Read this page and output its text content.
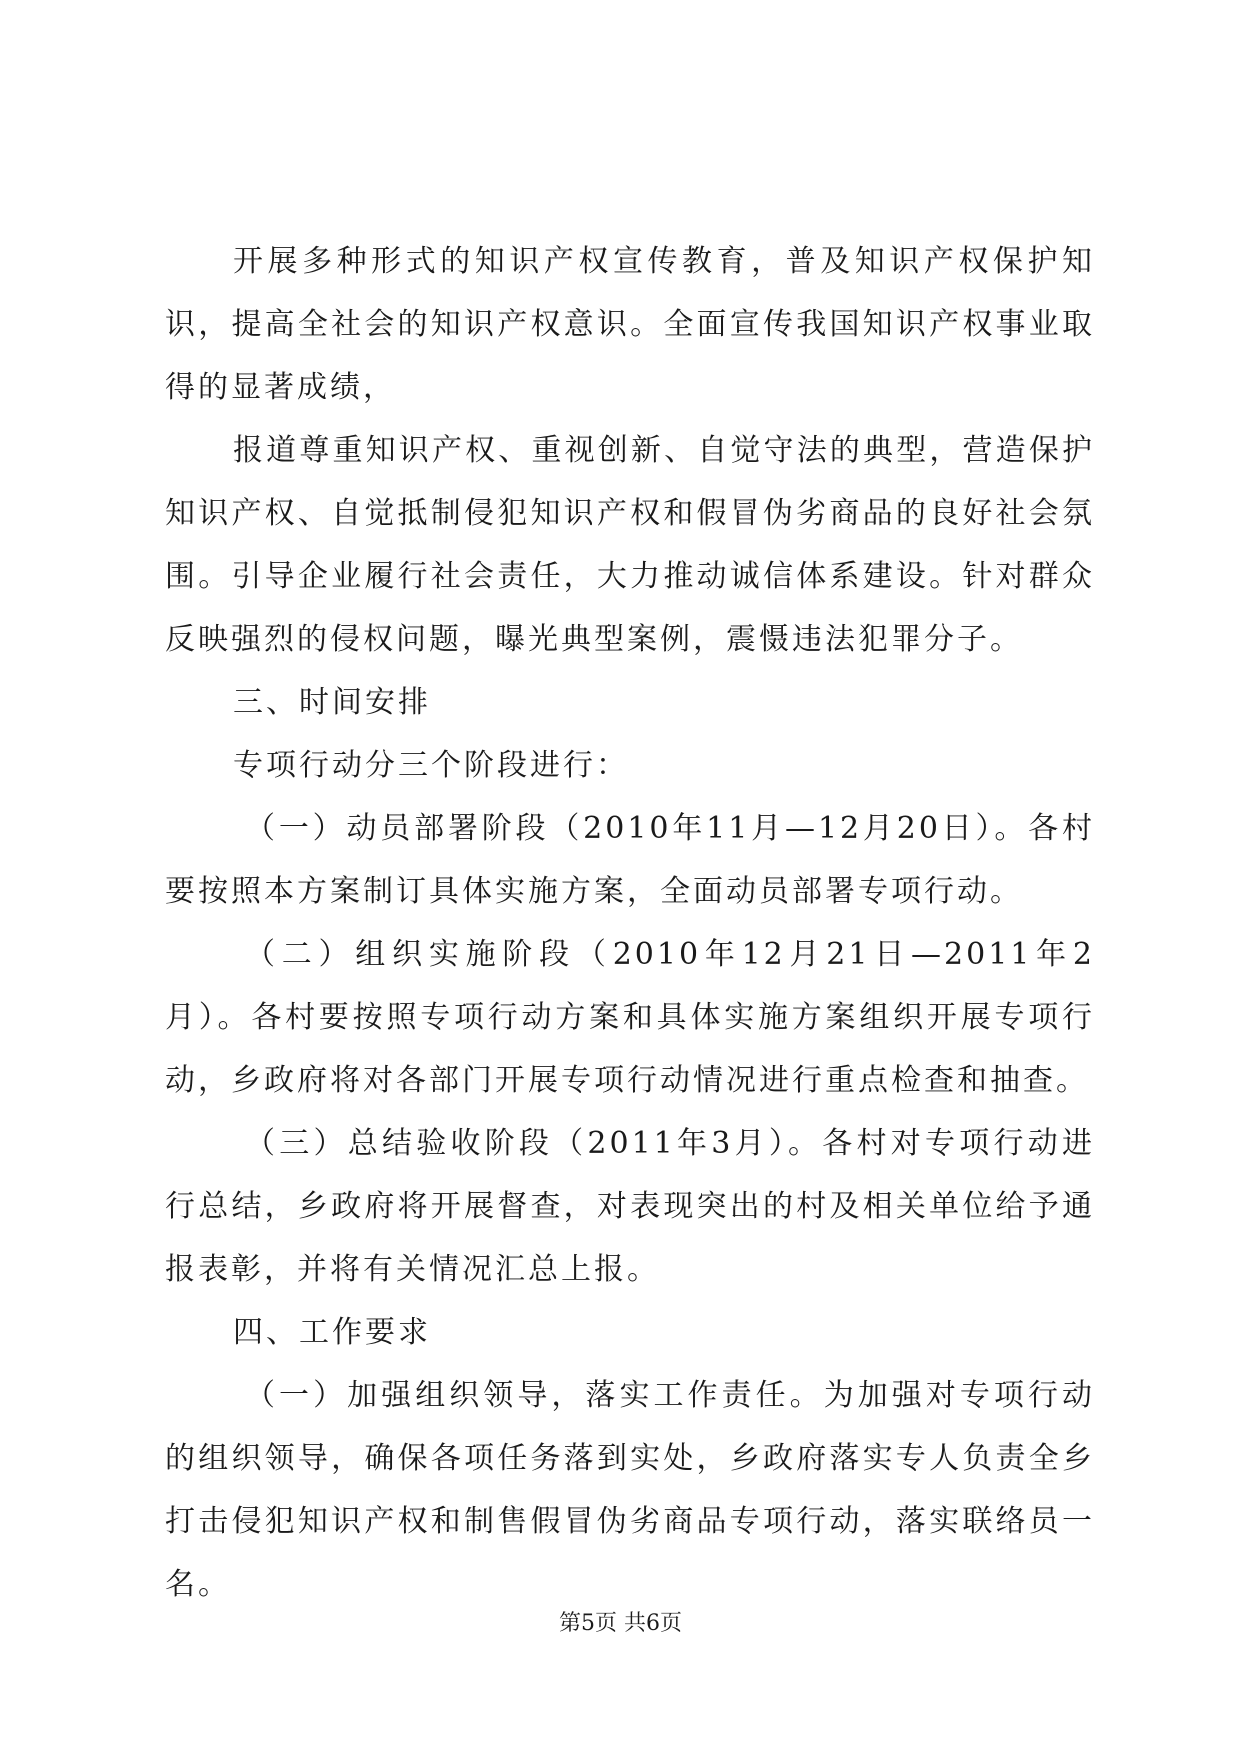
开展多种形式的知识产权宣传教育，普及知识产权保护知识，提高全社会的知识产权意识。全面宣传我国知识产权事业取得的显著成绩，

报道尊重知识产权、重视创新、自觉守法的典型，营造保护知识产权、自觉抵制侵犯知识产权和假冒伪劣商品的良好社会氛围。引导企业履行社会责任，大力推动诚信体系建设。针对群众反映强烈的侵权问题，曝光典型案例，震慑违法犯罪分子。

三、时间安排

专项行动分三个阶段进行：

（一）动员部署阶段（2010年11月—12月20日）。各村要按照本方案制订具体实施方案，全面动员部署专项行动。

（二）组织实施阶段（2010年12月21日—2011年2月）。各村要按照专项行动方案和具体实施方案组织开展专项行动，乡政府将对各部门开展专项行动情况进行重点检查和抽查。

（三）总结验收阶段（2011年3月）。各村对专项行动进行总结，乡政府将开展督查，对表现突出的村及相关单位给予通报表彰，并将有关情况汇总上报。

四、工作要求

（一）加强组织领导，落实工作责任。为加强对专项行动的组织领导，确保各项任务落到实处，乡政府落实专人负责全乡打击侵犯知识产权和制售假冒伪劣商品专项行动，落实联络员一名。

第5页 共6页
